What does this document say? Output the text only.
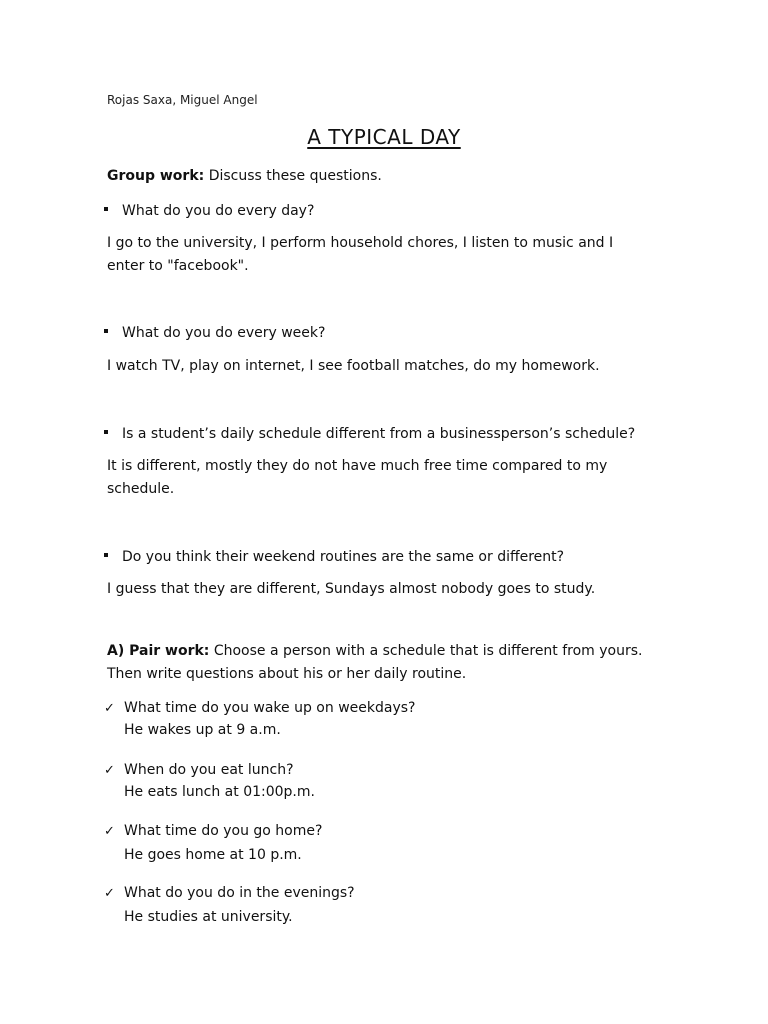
Rojas Saxa, Miguel Angel
A TYPICAL DAY
Group work: Discuss these questions.
What do you do every day?
I go to the university, I perform household chores, I listen to music and I
enter to "facebook".
What do you do every week?
I watch TV, play on internet, I see football matches, do my homework.
Is a student’s daily schedule different from a businessperson’s schedule?
It is different, mostly they do not have much free time compared to my
schedule.
Do you think their weekend routines are the same or different?
I guess that they are different, Sundays almost nobody goes to study.
A) Pair work: Choose a person with a schedule that is different from yours.
Then write questions about his or her daily routine.
✓ What time do you wake up on weekdays?
He wakes up at 9 a.m.
✓ When do you eat lunch?
He eats lunch at 01:00p.m.
✓ What time do you go home?
He goes home at 10 p.m.
✓ What do you do in the evenings?
He studies at university.
